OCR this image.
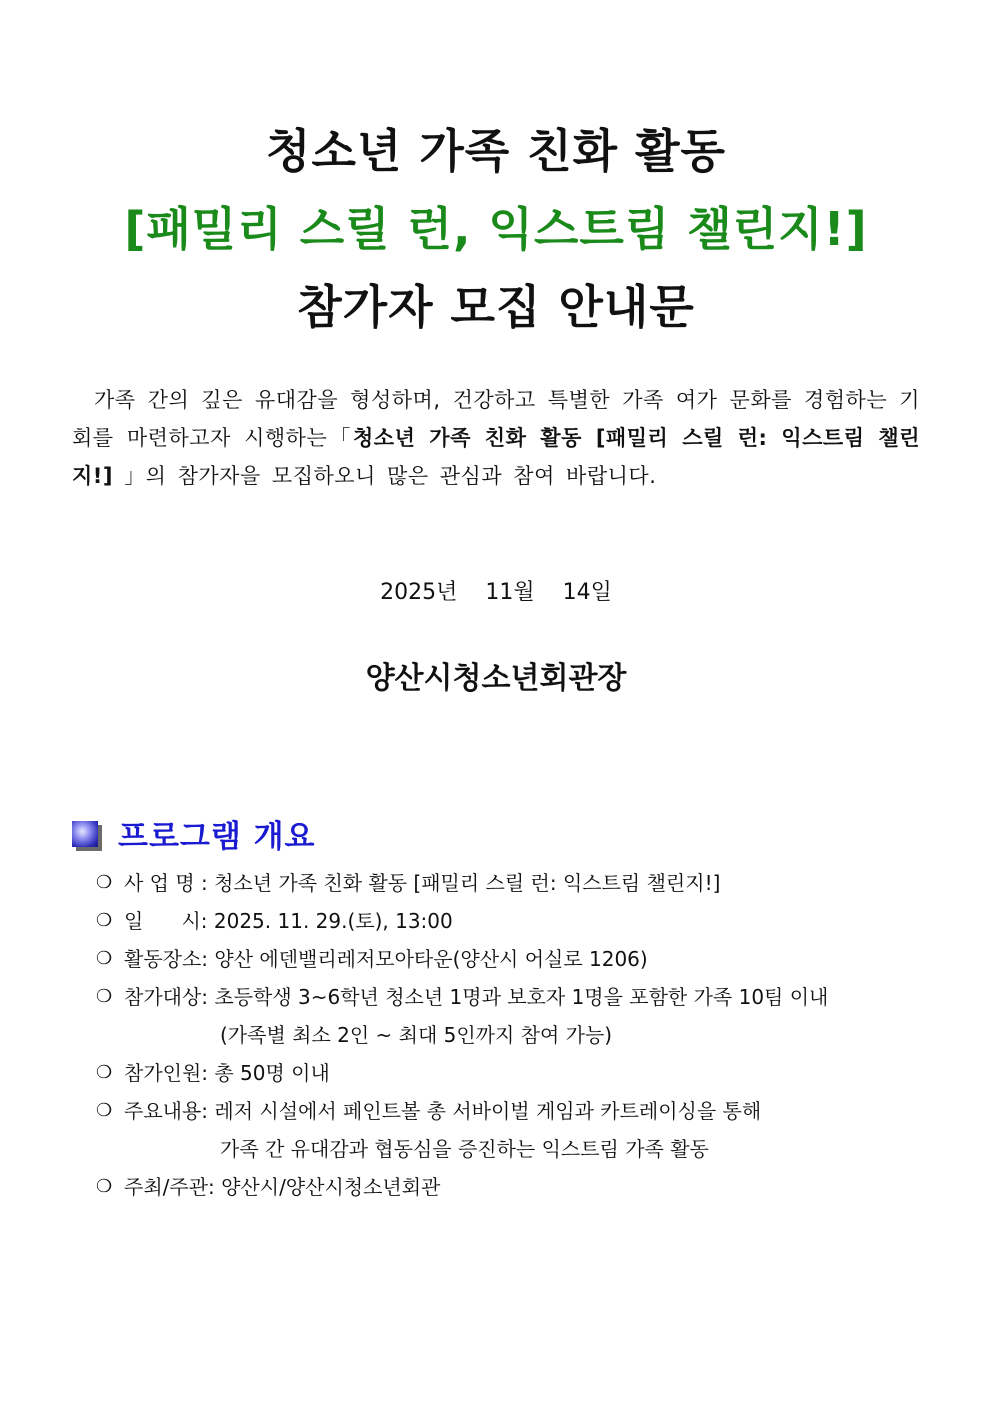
청소년 가족 친화 활동
[패밀리 스릴 런, 익스트림 챌린지!]
참가자 모집 안내문
가족 간의 깊은 유대감을 형성하며, 건강하고 특별한 가족 여가 문화를 경험하는 기회를 마련하고자 시행하는「청소년 가족 친화 활동 [패밀리 스릴 런: 익스트림 챌린지!] 」의 참가자을 모집하오니 많은 관심과 참여 바랍니다.
2025년    11월    14일
양산시청소년회관장
프로그램 개요
❍ 사 업 명 : 청소년 가족 친화 활동 [패밀리 스릴 런: 익스트림 챌린지!]
❍ 일      시: 2025. 11. 29.(토), 13:00
❍ 활동장소: 양산 에덴밸리레저모아타운(양산시 어실로 1206)
❍ 참가대상: 초등학생 3~6학년 청소년 1명과 보호자 1명을 포함한 가족 10팀 이내
(가족별 최소 2인 ~ 최대 5인까지 참여 가능)
❍ 참가인원: 총 50명 이내
❍ 주요내용: 레저 시설에서 페인트볼 총 서바이벌 게임과 카트레이싱을 통해
가족 간 유대감과 협동심을 증진하는 익스트림 가족 활동
❍ 주최/주관: 양산시/양산시청소년회관
